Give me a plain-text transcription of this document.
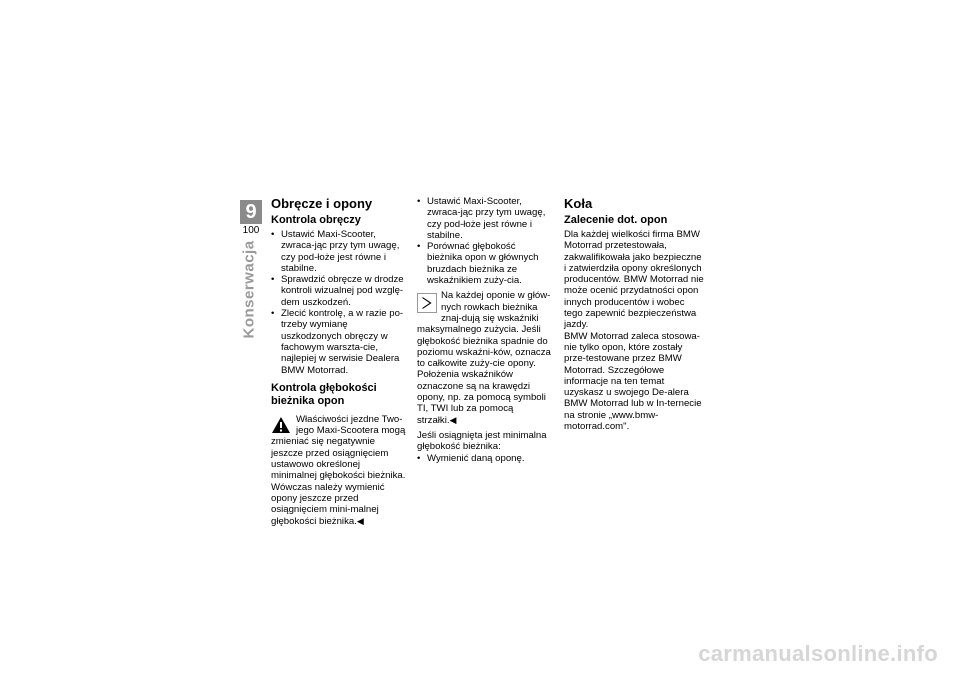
9
100
Konserwacja
Obręcze i opony
Kontrola obręczy

• Ustawić Maxi-Scooter, zwraca-jąc przy tym uwagę, czy pod-łoże jest równe i stabilne.

• Sprawdzić obręcze w drodze kontroli wizualnej pod wzglę-dem uszkodzeń.

• Zlecić kontrolę, a w razie po-trzeby wymianę uszkodzonych obręczy w fachowym warszta-cie, najlepiej w serwisie Dealera BMW Motorrad.

Kontrola głębokości bieżnika opon

Właściwości jezdne Two-jego Maxi-Scootera mogą zmieniać się negatywnie jeszcze przed osiągnięciem ustawowo określonej minimalnej głębokości bieżnika.

Wówczas należy wymienić opony jeszcze przed osiągnięciem mini-malnej głębokości bieżnika.◀

• Ustawić Maxi-Scooter, zwraca-jąc przy tym uwagę, czy pod-łoże jest równe i stabilne.

• Porównać głębokość bieżnika opon w głównych bruzdach bieżnika ze wskaźnikiem zuży-cia.

Na każdej oponie w głów-nych rowkach bieżnika znaj-dują się wskaźniki maksymalnego zużycia. Jeśli głębokość bieżnika spadnie do poziomu wskaźni-ków, oznacza to całkowite zuży-cie opony. Położenia wskaźników oznaczone są na krawędzi opony, np. za pomocą symboli TI, TWI lub za pomocą strzałki.◀

Jeśli osiągnięta jest minimalna głębokość bieżnika:

• Wymienić daną oponę.

Koła
Zalecenie dot. opon

Dla każdej wielkości firma BMW Motorrad przetestowała, zakwalifikowała jako bezpieczne i zatwierdziła opony określonych producentów. BMW Motorrad nie może ocenić przydatności opon innych producentów i wobec tego zapewnić bezpieczeństwa jazdy.

BMW Motorrad zaleca stosowa-nie tylko opon, które zostały prze-testowane przez BMW Motorrad. Szczegółowe informacje na ten temat uzyskasz u swojego De-alera BMW Motorrad lub w In-ternecie na stronie „www.bmw-motorrad.com".

carmanualsonline.info
